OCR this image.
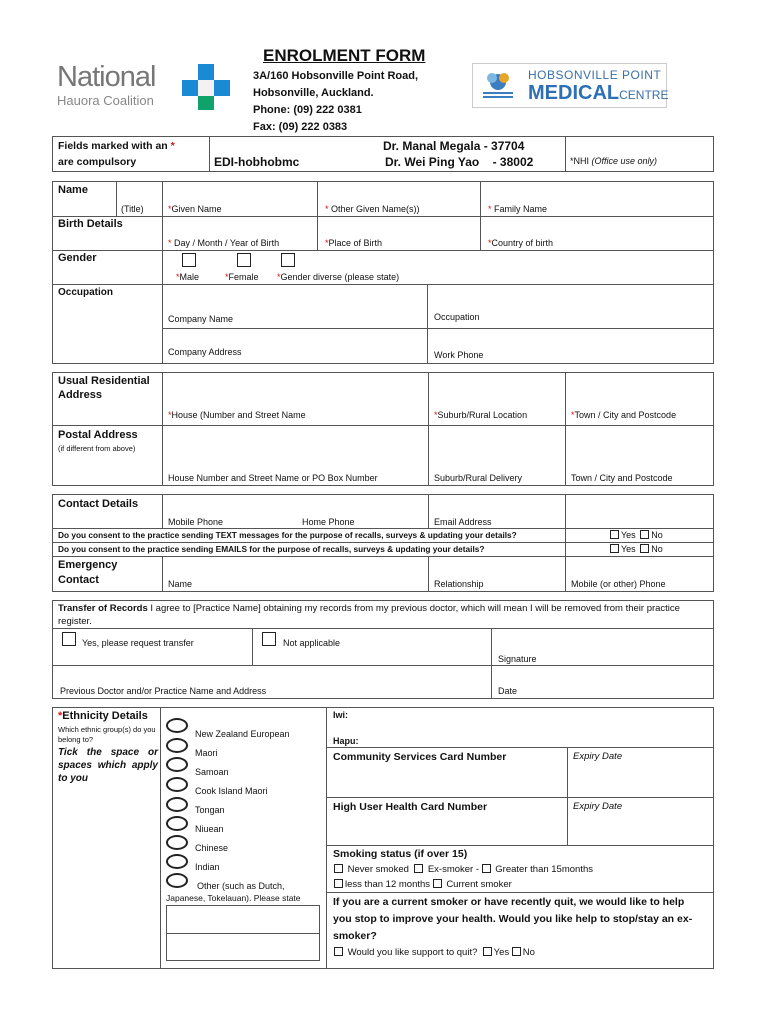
National
Hauora Coalition
ENROLMENT FORM
3A/160 Hobsonville Point Road,
Hobsonville, Auckland.
Phone: (09) 222 0381
Fax: (09) 222 0383
HOBSONVILLE POINT
MEDICALCENTRE
Fields marked with an *
are compulsory	EDI-hobhobmc
Dr. Manal Megala - 37704
Dr. Wei Ping Yao    - 38002	*NHI (Office use only)
Name
(Title)	*Given Name	* Other Given Name(s))	* Family Name
Birth Details
* Day / Month / Year of Birth	*Place of Birth	*Country of birth
Gender
*Male	*Female *Gender diverse (please state)
Occupation
Company Name	Occupation
Company Address	Work Phone
Usual Residential Address
*House (Number and Street Name	*Suburb/Rural Location	*Town / City and Postcode
Postal Address
(if different from above)
House Number and Street Name or PO Box Number	Suburb/Rural Delivery	Town / City and Postcode
Contact Details
Mobile Phone	Home Phone	Email Address
Do you consent to the practice sending TEXT messages for the purpose of recalls, surveys & updating your details?	Yes No
Do you consent to the practice sending EMAILS for the purpose of recalls, surveys & updating your details?	Yes No
Emergency Contact	Name	Relationship	Mobile (or other) Phone
Transfer of Records I agree to [Practice Name] obtaining my records from my previous doctor, which will mean I will be removed from their practice register.
Yes, please request transfer	Not applicable
Signature
Previous Doctor and/or Practice Name and Address	Date
*Ethnicity Details
Which ethnic group(s) do you belong to?
Tick the space or spaces which apply to you
New Zealand European
Maori
Samoan
Cook Island Maori
Tongan
Niuean
Chinese
Indian
Other (such as Dutch,
Japanese, Tokelauan). Please state
Iwi:
Hapu:
Community Services Card Number	Expiry Date
High User Health Card Number	Expiry Date
Smoking status (if over 15)
Never smoked Ex-smoker - Greater than 15months
less than 12 months Current smoker
If you are a current smoker or have recently quit, we would like to help you stop to improve your health. Would you like help to stop/stay an ex-smoker?
Would you like support to quit? Yes No
